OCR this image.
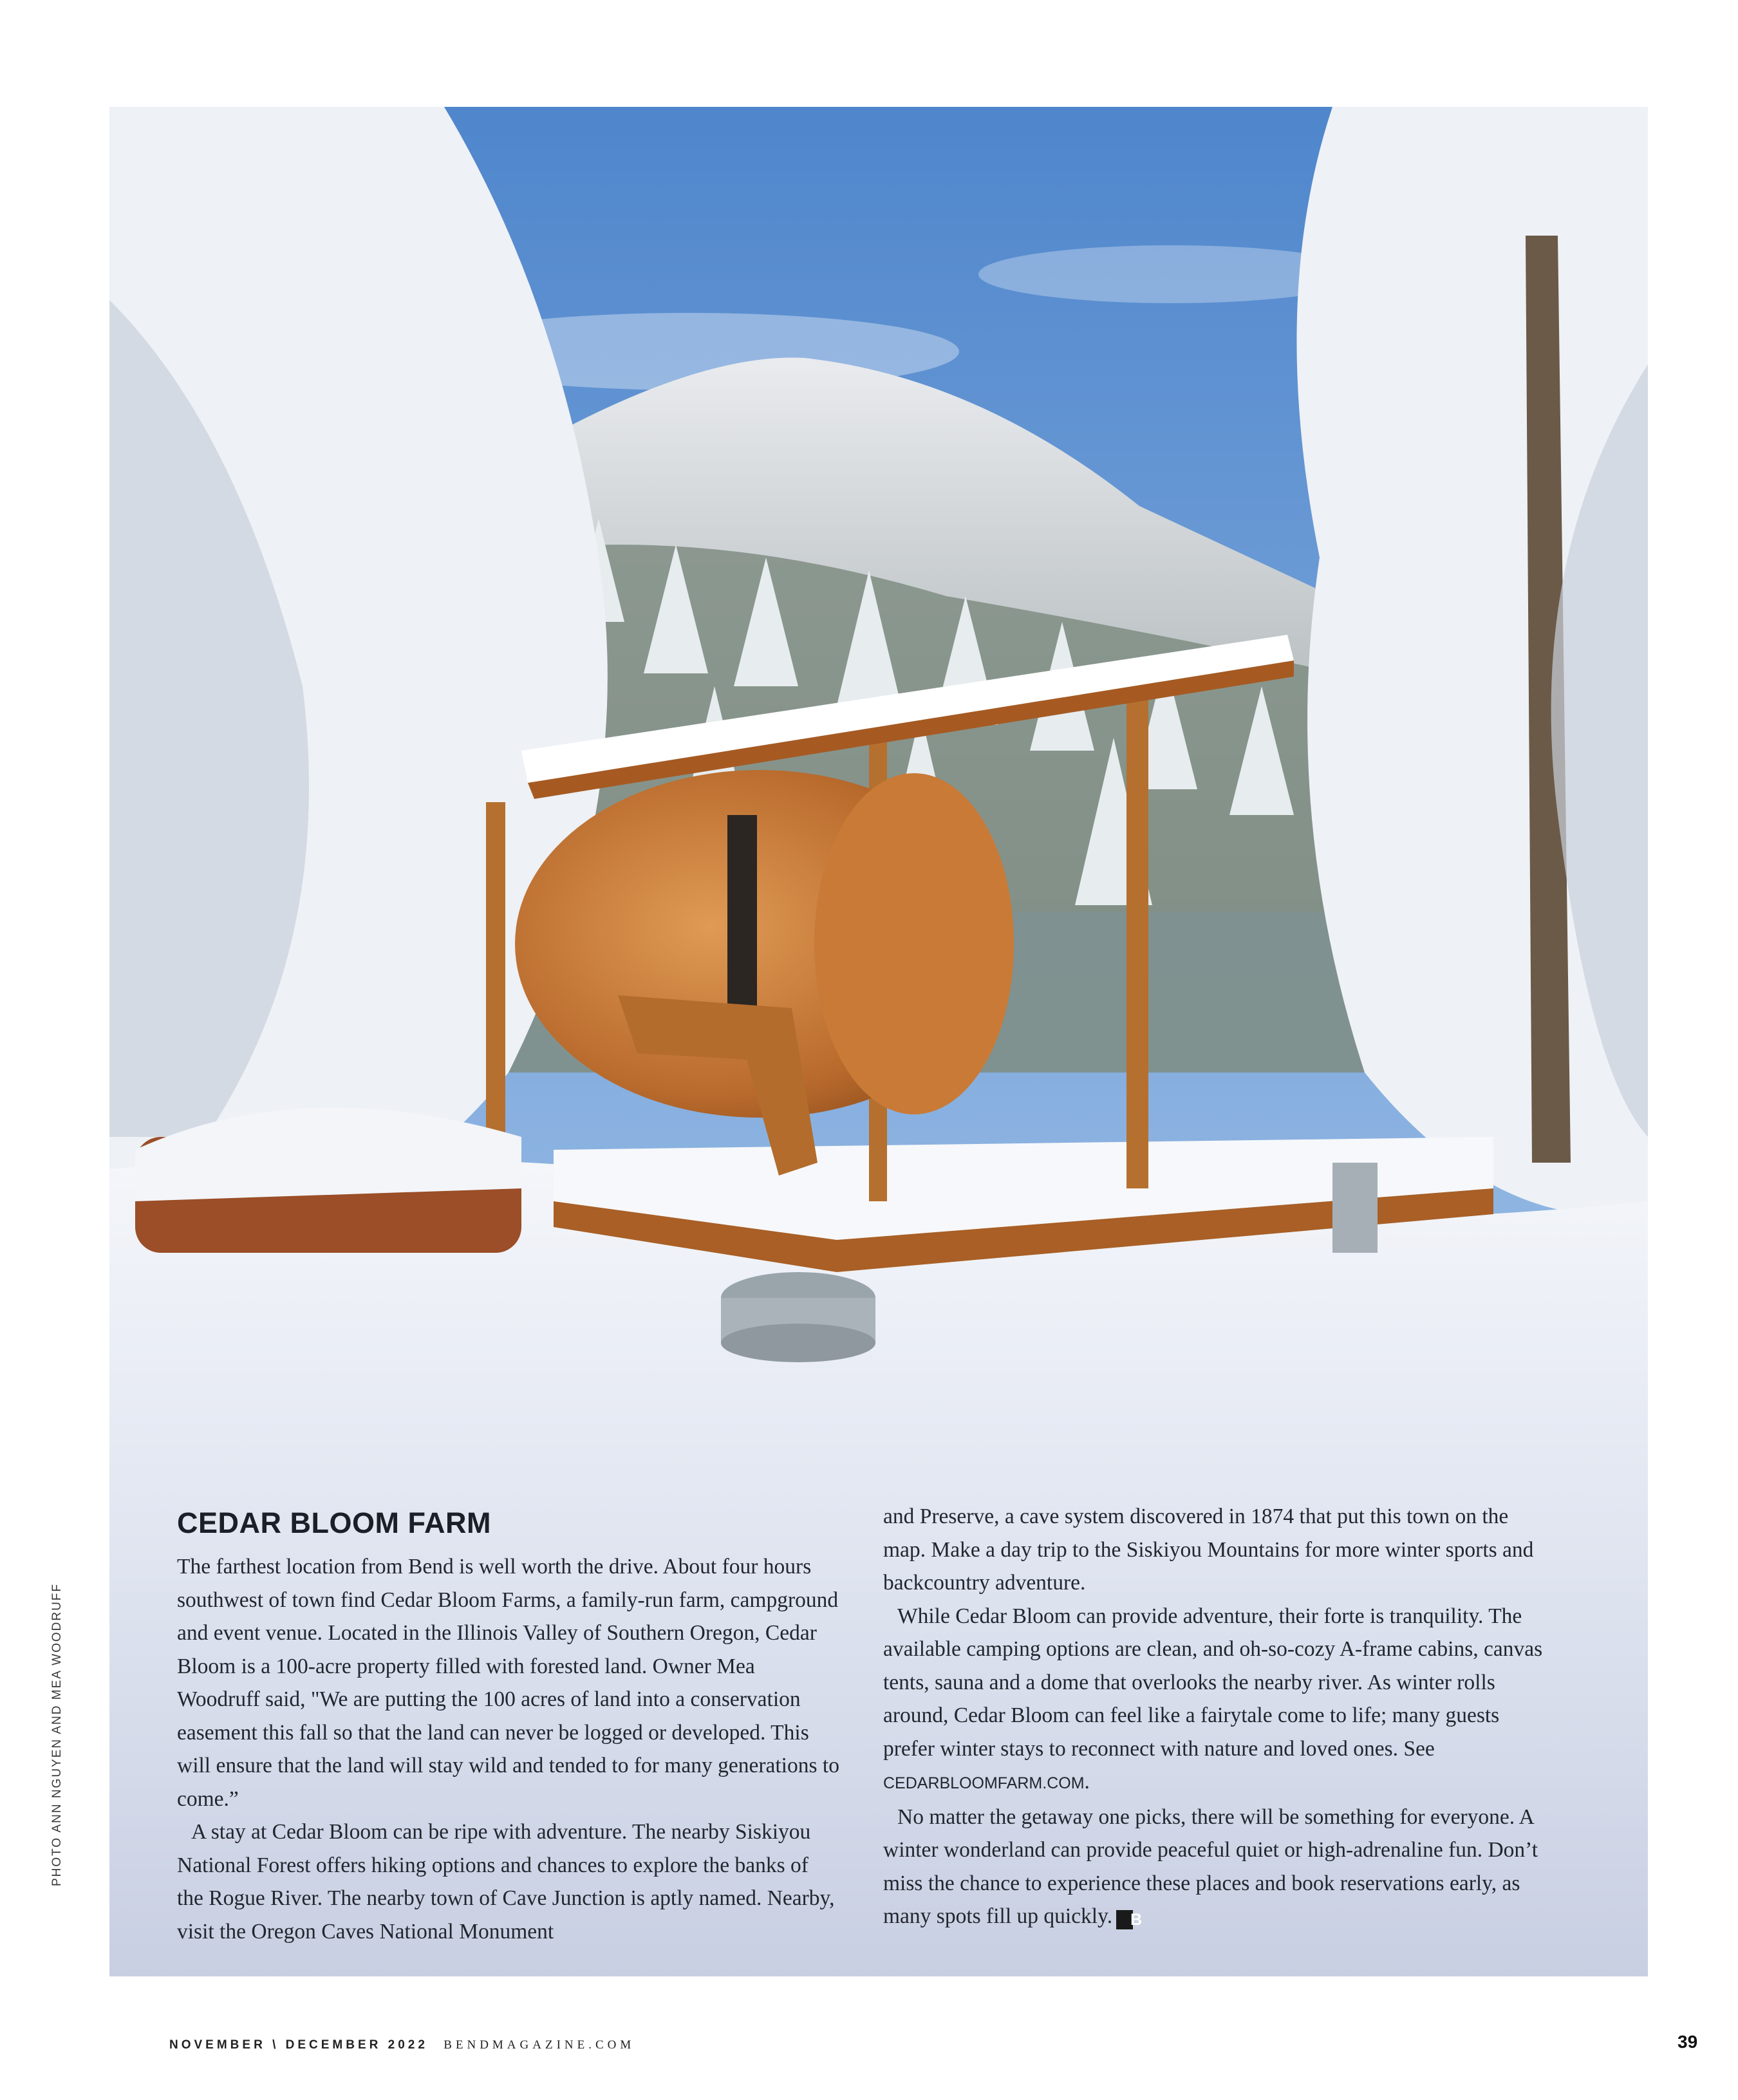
PHOTO ANN NGUYEN AND MEA WOODRUFF
CEDAR BLOOM FARM

The farthest location from Bend is well worth the drive. About four hours southwest of town find Cedar Bloom Farms, a family-run farm, campground and event venue. Located in the Illinois Valley of Southern Oregon, Cedar Bloom is a 100-acre property filled with forested land. Owner Mea Woodruff said, "We are putting the 100 acres of land into a conservation easement this fall so that the land can never be logged or developed. This will ensure that the land will stay wild and tended to for many generations to come.”

A stay at Cedar Bloom can be ripe with adventure. The nearby Siskiyou National Forest offers hiking options and chances to explore the banks of the Rogue River. The nearby town of Cave Junction is aptly named. Nearby, visit the Oregon Caves National Monument

and Preserve, a cave system discovered in 1874 that put this town on the map. Make a day trip to the Siskiyou Mountains for more winter sports and backcountry adventure.

While Cedar Bloom can provide adventure, their forte is tranquility. The available camping options are clean, and oh-so-cozy A-frame cabins, canvas tents, sauna and a dome that overlooks the nearby river. As winter rolls around, Cedar Bloom can feel like a fairytale come to life; many guests prefer winter stays to reconnect with nature and loved ones. See CEDARBLOOMFARM.COM.

No matter the getaway one picks, there will be something for everyone. A winter wonderland can provide peaceful quiet or high-adrenaline fun. Don’t miss the chance to experience these places and book reservations early, as many spots fill up quickly. B

NOVEMBER \ DECEMBER 2022 BENDMAGAZINE.COM	39
